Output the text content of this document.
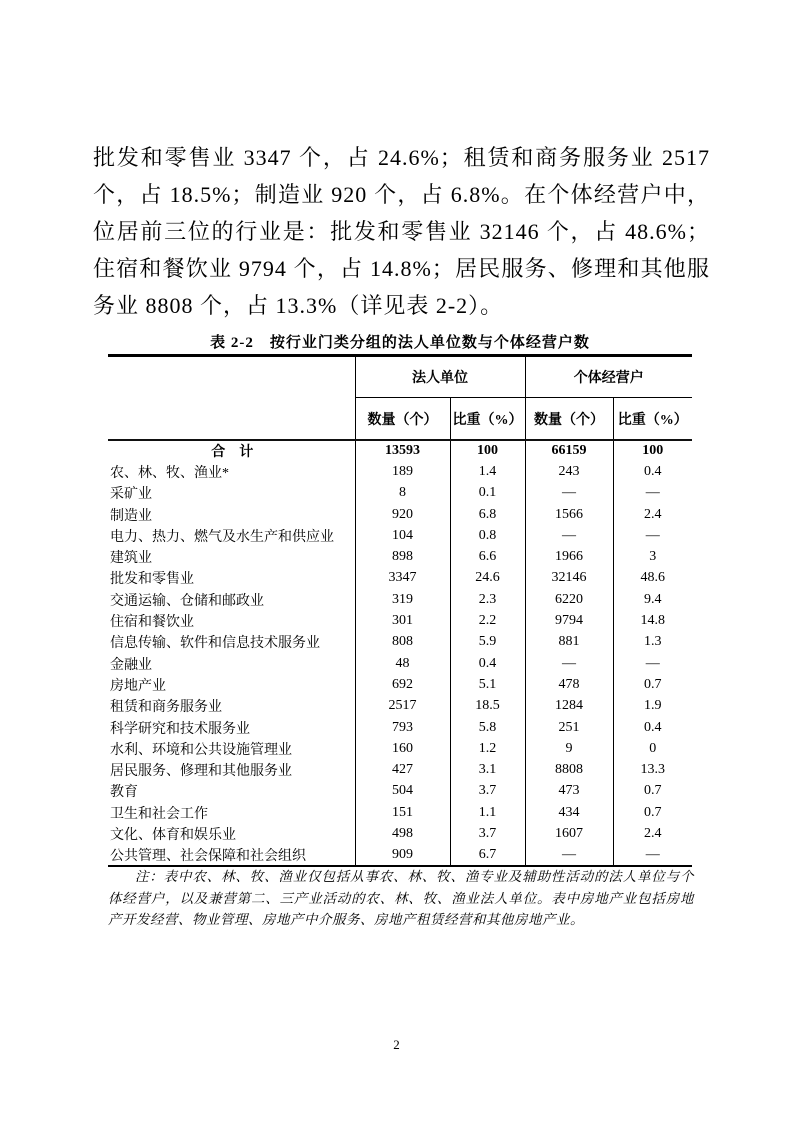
批发和零售业 3347 个，占 24.6%；租赁和商务服务业 2517 个，占 18.5%；制造业 920 个，占 6.8%。在个体经营户中，位居前三位的行业是：批发和零售业 32146 个，占 48.6%；住宿和餐饮业 9794 个，占 14.8%；居民服务、修理和其他服务业 8808 个，占 13.3%（详见表 2-2）。

表 2-2　按行业门类分组的法人单位数与个体经营户数
	法人单位		个体经营户	
	数量（个）	比重（%）	数量（个）	比重（%）
合　计	13593	100	66159	100
农、林、牧、渔业*	189	1.4	243	0.4
采矿业	8	0.1	—	—
制造业	920	6.8	1566	2.4
电力、热力、燃气及水生产和供应业	104	0.8	—	—
建筑业	898	6.6	1966	3
批发和零售业	3347	24.6	32146	48.6
交通运输、仓储和邮政业	319	2.3	6220	9.4
住宿和餐饮业	301	2.2	9794	14.8
信息传输、软件和信息技术服务业	808	5.9	881	1.3
金融业	48	0.4	—	—
房地产业	692	5.1	478	0.7
租赁和商务服务业	2517	18.5	1284	1.9
科学研究和技术服务业	793	5.8	251	0.4
水利、环境和公共设施管理业	160	1.2	9	0
居民服务、修理和其他服务业	427	3.1	8808	13.3
教育	504	3.7	473	0.7
卫生和社会工作	151	1.1	434	0.7
文化、体育和娱乐业	498	3.7	1607	2.4
公共管理、社会保障和社会组织	909	6.7	—	—

注：表中农、林、牧、渔业仅包括从事农、林、牧、渔专业及辅助性活动的法人单位与个体经营户，以及兼营第二、三产业活动的农、林、牧、渔业法人单位。表中房地产业包括房地产开发经营、物业管理、房地产中介服务、房地产租赁经营和其他房地产业。

2
